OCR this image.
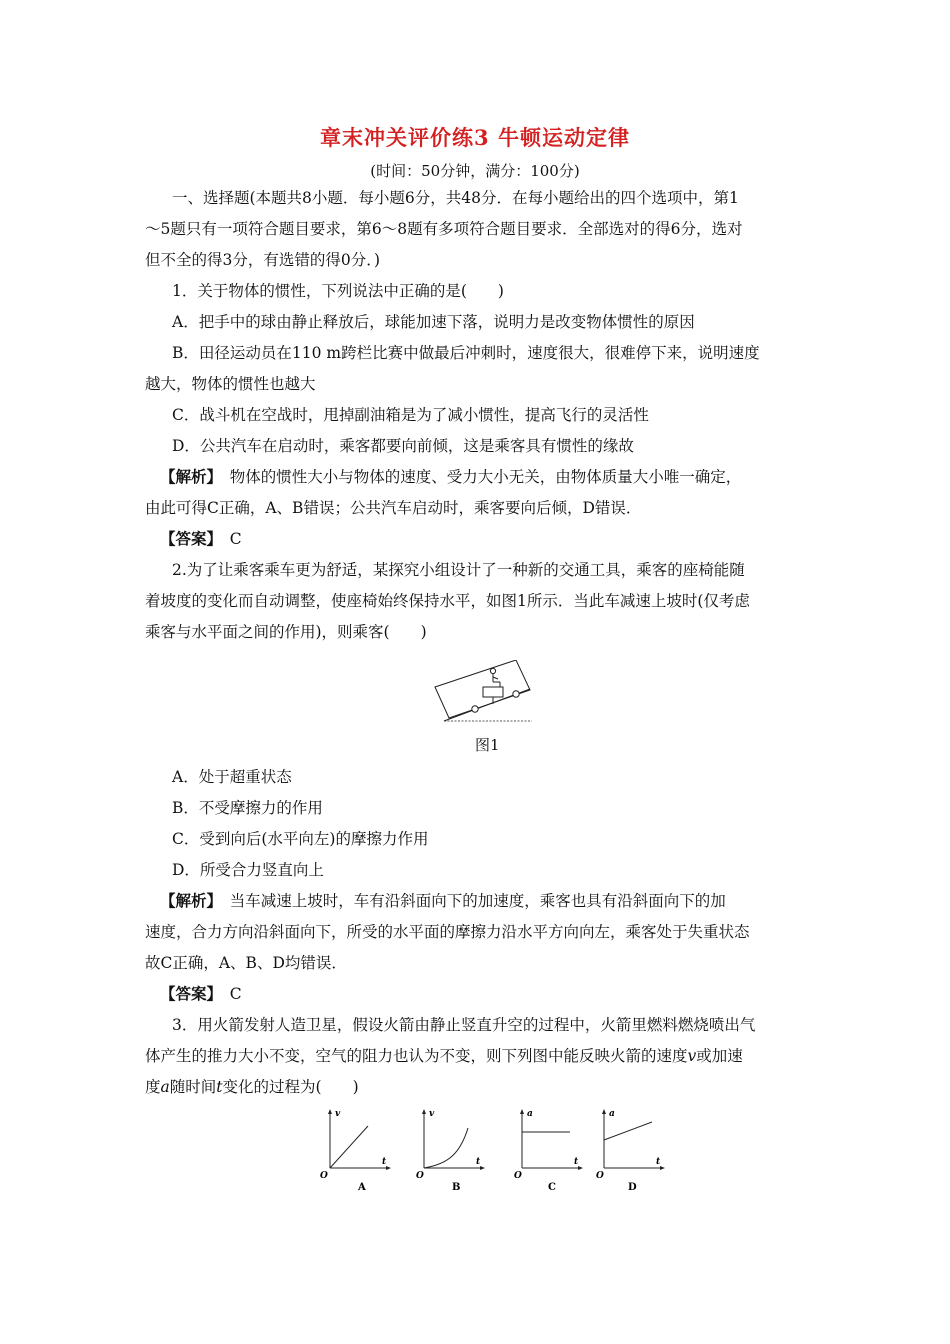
章末冲关评价练3 牛顿运动定律
(时间：50分钟，满分：100分)
一、选择题(本题共8小题．每小题6分，共48分．在每小题给出的四个选项中，第1
～5题只有一项符合题目要求，第6～8题有多项符合题目要求．全部选对的得6分，选对
但不全的得3分，有选错的得0分．)
1．关于物体的惯性，下列说法中正确的是(　　)
A．把手中的球由静止释放后，球能加速下落，说明力是改变物体惯性的原因
B．田径运动员在110 m跨栏比赛中做最后冲刺时，速度很大，很难停下来，说明速度
越大，物体的惯性也越大
C．战斗机在空战时，甩掉副油箱是为了减小惯性，提高飞行的灵活性
D．公共汽车在启动时，乘客都要向前倾，这是乘客具有惯性的缘故
【解析】　 物体的惯性大小与物体的速度、受力大小无关，由物体质量大小唯一确定，
由此可得C正确，A、B错误；公共汽车启动时，乘客要向后倾，D错误．
【答案】　 C
2.为了让乘客乘车更为舒适，某探究小组设计了一种新的交通工具，乘客的座椅能随
着坡度的变化而自动调整，使座椅始终保持水平，如图1所示．当此车减速上坡时(仅考虑
乘客与水平面之间的作用)，则乘客(　　)
图1
A．处于超重状态
B．不受摩擦力的作用
C．受到向后(水平向左)的摩擦力作用
D．所受合力竖直向上
【解析】　 当车减速上坡时，车有沿斜面向下的加速度，乘客也具有沿斜面向下的加
速度，合力方向沿斜面向下，所受的水平面的摩擦力沿水平方向向左，乘客处于失重状态
故C正确，A、B、D均错误．
【答案】　 C
3．用火箭发射人造卫星，假设火箭由静止竖直升空的过程中，火箭里燃料燃烧喷出气
体产生的推力大小不变，空气的阻力也认为不变，则下列图中能反映火箭的速度v或加速
度a随时间t变化的过程为(　　)
v
t
O
A
v
t
O
B
a
t
O
C
a
t
O
D
